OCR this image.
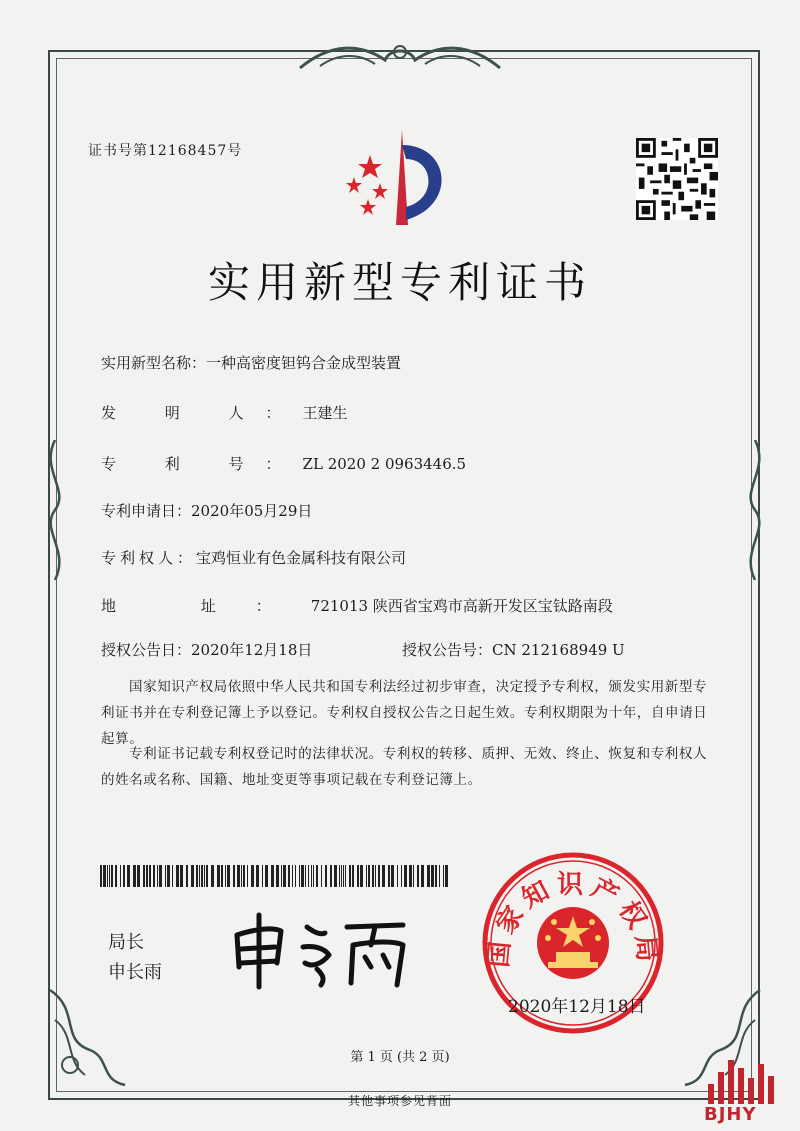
证书号第12168457号
实用新型专利证书
实用新型名称：一种高密度钽钨合金成型装置
发 明 人：王建生
专 利 号：ZL 2020 2 0963446.5
专利申请日：2020年05月29日
专利权人：宝鸡恒业有色金属科技有限公司
地 址：721013 陕西省宝鸡市高新开发区宝钛路南段
授权公告日：2020年12月18日	授权公告号：CN 212168949 U
国家知识产权局依照中华人民共和国专利法经过初步审查，决定授予专利权，颁发实用新型专利证书并在专利登记簿上予以登记。专利权自授权公告之日起生效。专利权期限为十年，自申请日起算。
专利证书记载专利权登记时的法律状况。专利权的转移、质押、无效、终止、恢复和专利权人的姓名或名称、国籍、地址变更等事项记载在专利登记簿上。
局长
申长雨
国家知识产权局
2020年12月18日
第 1 页 (共 2 页)
其他事项参见背面
BJHY
